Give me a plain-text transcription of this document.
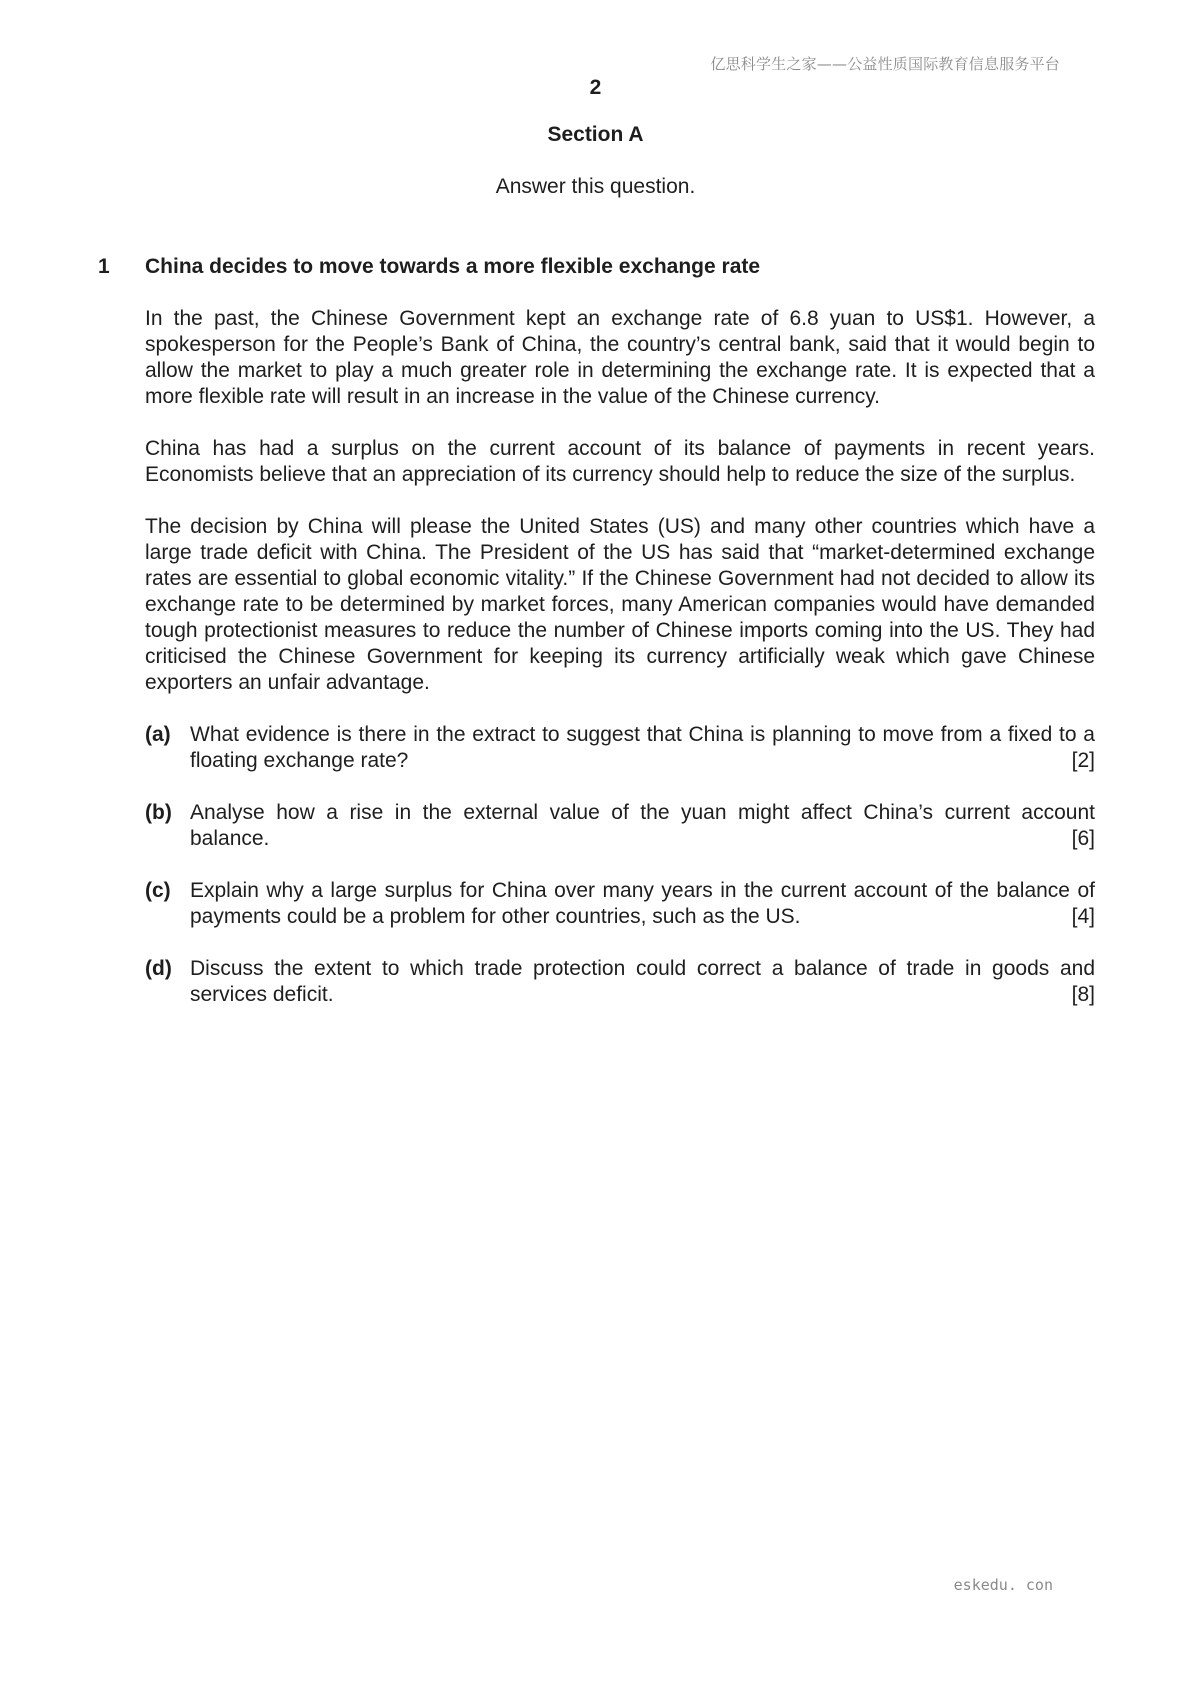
亿思科学生之家——公益性质国际教育信息服务平台
2
Section A
Answer this question.
1 China decides to move towards a more flexible exchange rate

In the past, the Chinese Government kept an exchange rate of 6.8 yuan to US$1. However, a spokesperson for the People’s Bank of China, the country’s central bank, said that it would begin to allow the market to play a much greater role in determining the exchange rate. It is expected that a more flexible rate will result in an increase in the value of the Chinese currency.

China has had a surplus on the current account of its balance of payments in recent years. Economists believe that an appreciation of its currency should help to reduce the size of the surplus.

The decision by China will please the United States (US) and many other countries which have a large trade deficit with China. The President of the US has said that “market-determined exchange rates are essential to global economic vitality.” If the Chinese Government had not decided to allow its exchange rate to be determined by market forces, many American companies would have demanded tough protectionist measures to reduce the number of Chinese imports coming into the US. They had criticised the Chinese Government for keeping its currency artificially weak which gave Chinese exporters an unfair advantage.

(a) What evidence is there in the extract to suggest that China is planning to move from a fixed to a floating exchange rate?	[2]
(b) Analyse how a rise in the external value of the yuan might affect China’s current account balance.	[6]
(c) Explain why a large surplus for China over many years in the current account of the balance of payments could be a problem for other countries, such as the US.	[4]
(d) Discuss the extent to which trade protection could correct a balance of trade in goods and services deficit.	[8]
eskedu. con
